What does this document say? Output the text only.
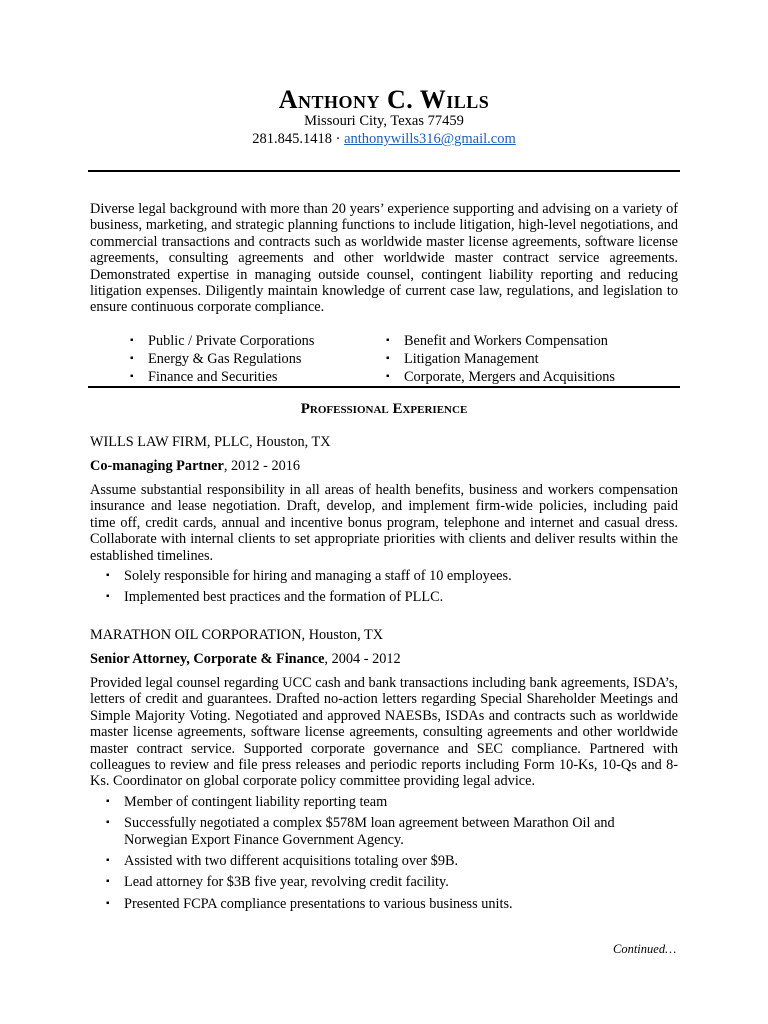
Anthony C. Wills
Missouri City, Texas 77459
281.845.1418 · anthonywills316@gmail.com
Diverse legal background with more than 20 years’ experience supporting and advising on a variety of business, marketing, and strategic planning functions to include litigation, high-level negotiations, and commercial transactions and contracts such as worldwide master license agreements, software license agreements, consulting agreements and other worldwide master contract service agreements. Demonstrated expertise in managing outside counsel, contingent liability reporting and reducing litigation expenses. Diligently maintain knowledge of current case law, regulations, and legislation to ensure continuous corporate compliance.
▪ Public / Private Corporations
▪ Energy & Gas Regulations
▪ Finance and Securities
▪ Benefit and Workers Compensation
▪ Litigation Management
▪ Corporate, Mergers and Acquisitions
Professional Experience
WILLS LAW FIRM, PLLC, Houston, TX
Co-managing Partner, 2012 - 2016
Assume substantial responsibility in all areas of health benefits, business and workers compensation insurance and lease negotiation. Draft, develop, and implement firm-wide policies, including paid time off, credit cards, annual and incentive bonus program, telephone and internet and casual dress. Collaborate with internal clients to set appropriate priorities with clients and deliver results within the established timelines.
▪ Solely responsible for hiring and managing a staff of 10 employees.
▪ Implemented best practices and the formation of PLLC.
MARATHON OIL CORPORATION, Houston, TX
Senior Attorney, Corporate & Finance, 2004 - 2012
Provided legal counsel regarding UCC cash and bank transactions including bank agreements, ISDA’s, letters of credit and guarantees. Drafted no-action letters regarding Special Shareholder Meetings and Simple Majority Voting. Negotiated and approved NAESBs, ISDAs and contracts such as worldwide master license agreements, software license agreements, consulting agreements and other worldwide master contract service. Supported corporate governance and SEC compliance. Partnered with colleagues to review and file press releases and periodic reports including Form 10-Ks, 10-Qs and 8-Ks. Coordinator on global corporate policy committee providing legal advice.
▪ Member of contingent liability reporting team
▪ Successfully negotiated a complex $578M loan agreement between Marathon Oil and Norwegian Export Finance Government Agency.
▪ Assisted with two different acquisitions totaling over $9B.
▪ Lead attorney for $3B five year, revolving credit facility.
▪ Presented FCPA compliance presentations to various business units.
Continued…
